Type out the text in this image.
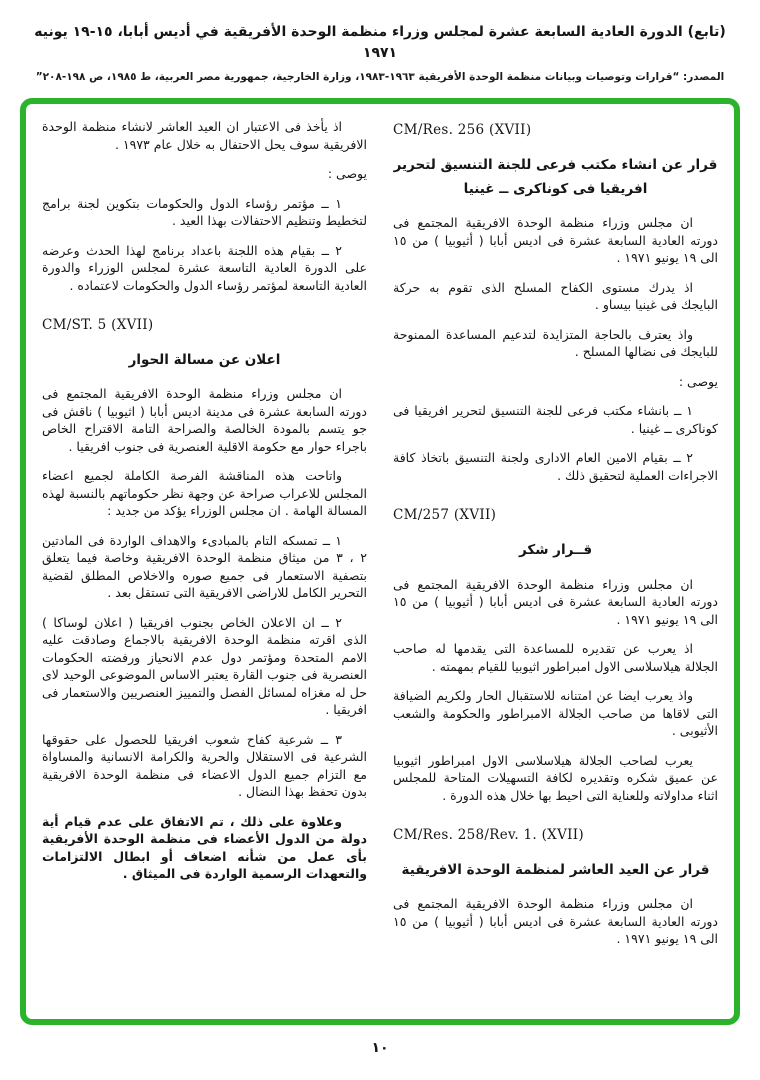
(تابع) الدورة العادية السابعة عشرة لمجلس وزراء منظمة الوحدة الأفريقية في أديس أبابا، ١٥-١٩ يونيه ١٩٧١
المصدر: “قرارات وتوصيات وبيانات منظمة الوحدة الأفريقية ١٩٦٣-١٩٨٣، وزارة الخارجية، جمهورية مصر العربية، ط ١٩٨٥، ص ١٩٨-٢٠٨”
CM/Res. 256 (XVII)
قرار عن انشاء مكتب فرعى للجنة التنسيق لتحرير افريقيا فى كوناكرى ــ غينيا

ان مجلس وزراء منظمة الوحدة الافريقية المجتمع فى دورته العادية السابعة عشرة فى اديس أبابا ( أثيوبيا ) من ١٥ الى ١٩ يونيو ١٩٧١ .

اذ يدرك مستوى الكفاح المسلح الذى تقوم به حركة البايجك فى غينيا بيساو .

واذ يعترف بالحاجة المتزايدة لتدعيم المساعدة الممنوحة للبايجك فى نضالها المسلح .

يوصى :

١ ــ بانشاء مكتب فرعى للجنة التنسيق لتحرير افريقيا فى كوناكرى ــ غينيا .

٢ ــ بقيام الامين العام الادارى ولجنة التنسيق باتخاذ كافة الاجراءات العملية لتحقيق ذلك .

CM/257 (XVII)
قــرار شكر

ان مجلس وزراء منظمة الوحدة الافريقية المجتمع فى دورته العادية السابعة عشرة فى اديس أبابا ( أثيوبيا ) من ١٥ الى ١٩ يونيو ١٩٧١ .

اذ يعرب عن تقديره للمساعدة التى يقدمها له صاحب الجلالة هيلاسلاسى الاول امبراطور اثيوبيا للقيام بمهمته .

واذ يعرب ايضا عن امتنانه للاستقبال الحار ولكريم الضيافة التى لاقاها من صاحب الجلالة الامبراطور والحكومة والشعب الأثيوبى .

يعرب لصاحب الجلالة هيلاسلاسى الاول امبراطور اثيوبيا عن عميق شكره وتقديره لكافة التسهيلات المتاحة للمجلس اثناء مداولاته وللعناية التى احيط بها خلال هذه الدورة .

CM/Res. 258/Rev. 1. (XVII)
قرار عن العيد العاشر لمنظمة الوحدة الافريقية

ان مجلس وزراء منظمة الوحدة الافريقية المجتمع فى دورته العادية السابعة عشرة فى اديس أبابا ( أثيوبيا ) من ١٥ الى ١٩ يونيو ١٩٧١ .

اذ يأخذ فى الاعتبار ان العيد العاشر لانشاء منظمة الوحدة الافريقية سوف يحل الاحتفال به خلال عام ١٩٧٣ .

يوصى :

١ ــ مؤتمر رؤساء الدول والحكومات بتكوين لجنة برامج لتخطيط وتنظيم الاحتفالات بهذا العيد .

٢ ــ بقيام هذه اللجنة باعداد برنامج لهذا الحدث وعرضه على الدورة العادية التاسعة عشرة لمجلس الوزراء والدورة العادية التاسعة لمؤتمر رؤساء الدول والحكومات لاعتماده .

CM/ST. 5 (XVII)
اعلان عن مسالة الحوار

ان مجلس وزراء منظمة الوحدة الافريقية المجتمع فى دورته السابعة عشرة فى مدينة اديس أبابا ( اثيوبيا ) ناقش فى جو يتسم بالمودة الخالصة والصراحة التامة الاقتراح الخاص باجراء حوار مع حكومة الاقلية العنصرية فى جنوب افريقيا .

واتاحت هذه المناقشة الفرصة الكاملة لجميع اعضاء المجلس للاعراب صراحة عن وجهة نظر حكوماتهم بالنسبة لهذه المسالة الهامة . ان مجلس الوزراء يؤكد من جديد :

١ ــ تمسكه التام بالمبادىء والاهداف الواردة فى المادتين ٢ ، ٣ من ميثاق منظمة الوحدة الافريقية وخاصة فيما يتعلق بتصفية الاستعمار فى جميع صوره والاخلاص المطلق لقضية التحرير الكامل للاراضى الافريقية التى تستقل بعد .

٢ ــ ان الاعلان الخاص بجنوب افريقيا ( اعلان لوساكا ) الذى اقرته منظمة الوحدة الافريقية بالاجماع وصادقت عليه الامم المتحدة ومؤتمر دول عدم الانحياز ورفضته الحكومات العنصرية فى جنوب القارة يعتبر الاساس الموضوعى الوحيد لاى حل له مغزاه لمسائل الفصل والتمييز العنصريين والاستعمار فى افريقيا .

٣ ــ شرعية كفاح شعوب افريقيا للحصول على حقوقها الشرعية فى الاستقلال والحرية والكرامة الانسانية والمساواة مع التزام جميع الدول الاعضاء فى منظمة الوحدة الافريقية بدون تحفظ بهذا النضال .

وعلاوة على ذلك ، تم الاتفاق على عدم قيام أية دولة من الدول الأعضاء فى منظمة الوحدة الأفريقية بأى عمل من شأنه اضعاف أو ابطال الالتزامات والتعهدات الرسمية الواردة فى الميثاق .

١٠
